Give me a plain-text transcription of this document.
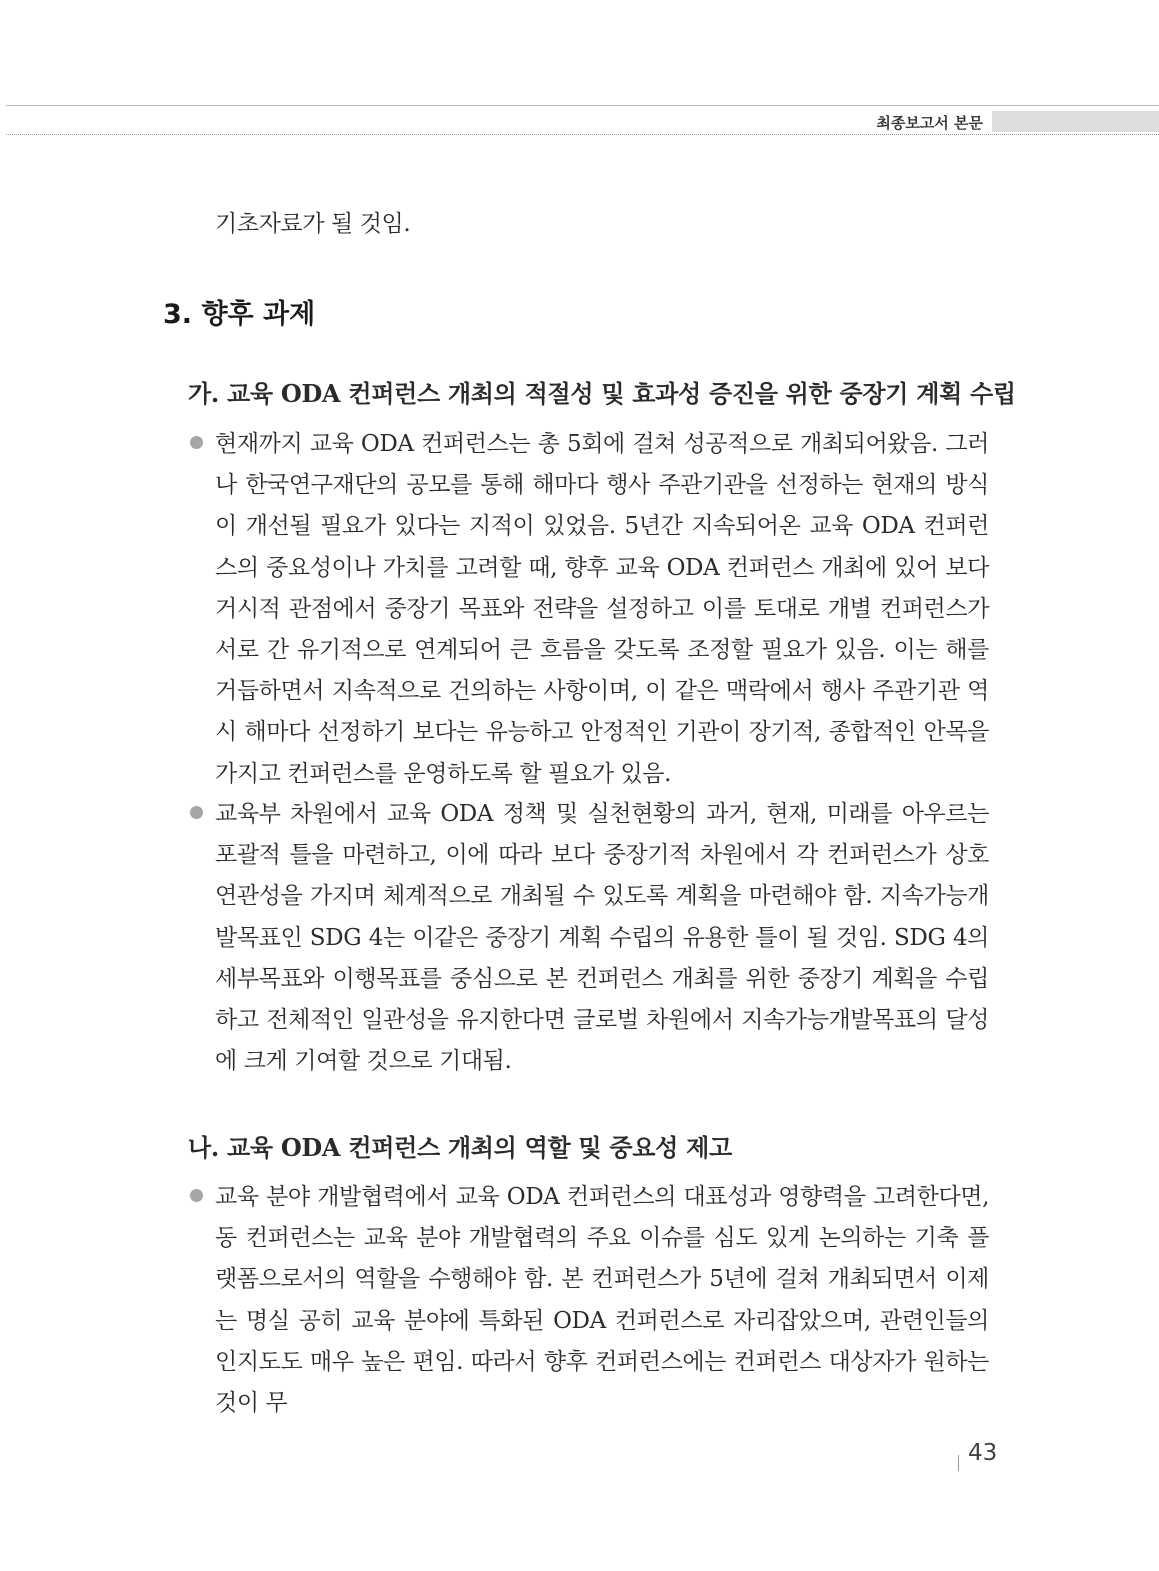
최종보고서 본문

기초자료가 될 것임.

3. 향후 과제
가. 교육 ODA 컨퍼런스 개최의 적절성 및 효과성 증진을 위한 중장기 계획 수립

현재까지 교육 ODA 컨퍼런스는 총 5회에 걸쳐 성공적으로 개최되어왔음. 그러나 한국연구재단의 공모를 통해 해마다 행사 주관기관을 선정하는 현재의 방식이 개선될 필요가 있다는 지적이 있었음. 5년간 지속되어온 교육 ODA 컨퍼런스의 중요성이나 가치를 고려할 때, 향후 교육 ODA 컨퍼런스 개최에 있어 보다 거시적 관점에서 중장기 목표와 전략을 설정하고 이를 토대로 개별 컨퍼런스가 서로 간 유기적으로 연계되어 큰 흐름을 갖도록 조정할 필요가 있음. 이는 해를 거듭하면서 지속적으로 건의하는 사항이며, 이 같은 맥락에서 행사 주관기관 역시 해마다 선정하기 보다는 유능하고 안정적인 기관이 장기적, 종합적인 안목을 가지고 컨퍼런스를 운영하도록 할 필요가 있음.

교육부 차원에서 교육 ODA 정책 및 실천현황의 과거, 현재, 미래를 아우르는 포괄적 틀을 마련하고, 이에 따라 보다 중장기적 차원에서 각 컨퍼런스가 상호연관성을 가지며 체계적으로 개최될 수 있도록 계획을 마련해야 함. 지속가능개발목표인 SDG 4는 이같은 중장기 계획 수립의 유용한 틀이 될 것임. SDG 4의 세부목표와 이행목표를 중심으로 본 컨퍼런스 개최를 위한 중장기 계획을 수립하고 전체적인 일관성을 유지한다면 글로벌 차원에서 지속가능개발목표의 달성에 크게 기여할 것으로 기대됨.

나. 교육 ODA 컨퍼런스 개최의 역할 및 중요성 제고

교육 분야 개발협력에서 교육 ODA 컨퍼런스의 대표성과 영향력을 고려한다면, 동 컨퍼런스는 교육 분야 개발협력의 주요 이슈를 심도 있게 논의하는 기축 플랫폼으로서의 역할을 수행해야 함. 본 컨퍼런스가 5년에 걸쳐 개최되면서 이제는 명실 공히 교육 분야에 특화된 ODA 컨퍼런스로 자리잡았으며, 관련인들의 인지도도 매우 높은 편임. 따라서 향후 컨퍼런스에는 컨퍼런스 대상자가 원하는 것이 무

43
